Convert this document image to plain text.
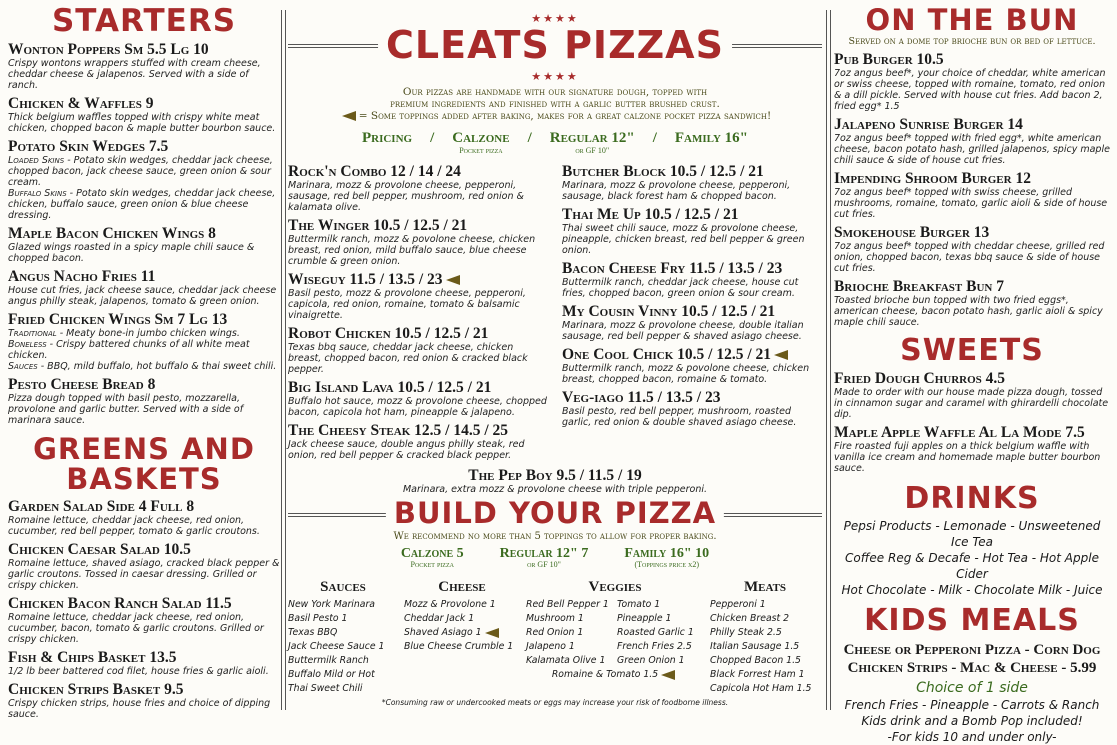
STARTERS
Wonton Poppers Sm 5.5 Lg 10
Crispy wontons wrappers stuffed with cream cheese, cheddar cheese & jalapenos. Served with a side of ranch.
Chicken & Waffles 9
Thick belgium waffles topped with crispy white meat chicken, chopped bacon & maple butter bourbon sauce.
Potato Skin Wedges 7.5
Loaded Skins - Potato skin wedges, cheddar jack cheese, chopped bacon, jack cheese sauce, green onion & sour cream.
Buffalo Skins - Potato skin wedges, cheddar jack cheese, chicken, buffalo sauce, green onion & blue cheese dressing.
Maple Bacon Chicken Wings 8
Glazed wings roasted in a spicy maple chili sauce & chopped bacon.
Angus Nacho Fries 11
House cut fries, jack cheese sauce, cheddar jack cheese angus philly steak, jalapenos, tomato & green onion.
Fried Chicken Wings Sm 7 Lg 13
Traditional - Meaty bone-in jumbo chicken wings.
Boneless - Crispy battered chunks of all white meat chicken.
Sauces - BBQ, mild buffalo, hot buffalo & thai sweet chili.
Pesto Cheese Bread 8
Pizza dough topped with basil pesto, mozzarella, provolone and garlic butter. Served with a side of marinara sauce.
GREENS AND
BASKETS
Garden Salad Side 4 Full 8
Romaine lettuce, cheddar jack cheese, red onion, cucumber, red bell pepper, tomato & garlic croutons.
Chicken Caesar Salad 10.5
Romaine lettuce, shaved asiago, cracked black pepper & garlic croutons. Tossed in caesar dressing. Grilled or crispy chicken.
Chicken Bacon Ranch Salad 11.5
Romaine lettuce, cheddar jack cheese, red onion, cucumber, bacon, tomato & garlic croutons. Grilled or crispy chicken.
Fish & Chips Basket 13.5
1/2 lb beer battered cod filet, house fries & garlic aioli.
Chicken Strips Basket 9.5
Crispy chicken strips, house fries and choice of dipping sauce.
★★★★
CLEATS PIZZAS
★★★★
Our pizzas are handmade with our signature dough, topped with
premium ingredients and finished with a garlic butter brushed crust.
= Some toppings added after baking, makes for a great calzone pocket pizza sandwich!
Pricing / Calzone

Pocket pizza
/ Regular 12"

or GF 10"
/ Family 16"
Rock'n Combo 12 / 14 / 24
Marinara, mozz & provolone cheese, pepperoni, sausage, red bell pepper, mushroom, red onion & kalamata olive.
The Winger 10.5 / 12.5 / 21
Buttermilk ranch, mozz & povolone cheese, chicken breast, red onion, mild buffalo sauce, blue cheese crumble & green onion.
Wiseguy 11.5 / 13.5 / 23
Basil pesto, mozz & provolone cheese, pepperoni, capicola, red onion, romaine, tomato & balsamic vinaigrette.
Robot Chicken 10.5 / 12.5 / 21
Texas bbq sauce, cheddar jack cheese, chicken breast, chopped bacon, red onion & cracked black pepper.
Big Island Lava 10.5 / 12.5 / 21
Buffalo hot sauce, mozz & provolone cheese, chopped bacon, capicola hot ham, pineapple & jalapeno.
The Cheesy Steak 12.5 / 14.5 / 25
Jack cheese sauce, double angus philly steak, red onion, red bell pepper & cracked black pepper.
Butcher Block 10.5 / 12.5 / 21
Marinara, mozz & provolone cheese, pepperoni, sausage, black forest ham & chopped bacon.
Thai Me Up 10.5 / 12.5 / 21
Thai sweet chili sauce, mozz & provolone cheese, pineapple, chicken breast, red bell pepper & green onion.
Bacon Cheese Fry 11.5 / 13.5 / 23
Buttermilk ranch, cheddar jack cheese, house cut fries, chopped bacon, green onion & sour cream.
My Cousin Vinny 10.5 / 12.5 / 21
Marinara, mozz & provolone cheese, double italian sausage, red bell pepper & shaved asiago cheese.
One Cool Chick 10.5 / 12.5 / 21
Buttermilk ranch, mozz & povolone cheese, chicken breast, chopped bacon, romaine & tomato.
Veg-iago 11.5 / 13.5 / 23
Basil pesto, red bell pepper, mushroom, roasted garlic, red onion & double shaved asiago cheese.
The Pep Boy 9.5 / 11.5 / 19
Marinara, extra mozz & provolone cheese with triple pepperoni.
BUILD YOUR PIZZA
We recommend no more than 5 toppings to allow for proper baking.
Calzone 5
Pocket pizza
Regular 12" 7
or GF 10"
Family 16" 10
(Toppings price x2)
Sauces
New York Marinara
Basil Pesto 1
Texas BBQ
Jack Cheese Sauce 1
Buttermilk Ranch
Buffalo Mild or Hot
Thai Sweet Chili
Cheese
Mozz & Provolone 1
Cheddar Jack 1
Shaved Asiago 1
Blue Cheese Crumble 1
Veggies
Red Bell Pepper 1
Mushroom 1
Red Onion 1
Jalapeno 1
Kalamata Olive 1
Tomato 1
Pineapple 1
Roasted Garlic 1
French Fries 2.5
Green Onion 1
Romaine & Tomato 1.5
Meats
Pepperoni 1
Chicken Breast 2
Philly Steak 2.5
Italian Sausage 1.5
Chopped Bacon 1.5
Black Forrest Ham 1
Capicola Hot Ham 1.5
*Consuming raw or undercooked meats or eggs may increase your risk of foodborne illness.
ON THE BUN
Served on a dome top brioche bun or bed of lettuce.
Pub Burger 10.5
7oz angus beef*, your choice of cheddar, white american or swiss cheese, topped with romaine, tomato, red onion & a dill pickle. Served with house cut fries. Add bacon 2, fried egg* 1.5
Jalapeno Sunrise Burger 14
7oz angus beef* topped with fried egg*, white american cheese, bacon potato hash, grilled jalapenos, spicy maple chili sauce & side of house cut fries.
Impending Shroom Burger 12
7oz angus beef* topped with swiss cheese, grilled mushrooms, romaine, tomato, garlic aioli & side of house cut fries.
Smokehouse Burger 13
7oz angus beef* topped with cheddar cheese, grilled red onion, chopped bacon, texas bbq sauce & side of house cut fries.
Brioche Breakfast Bun 7
Toasted brioche bun topped with two fried eggs*, american cheese, bacon potato hash, garlic aioli & spicy maple chili sauce.
SWEETS
Fried Dough Churros 4.5
Made to order with our house made pizza dough, tossed in cinnamon sugar and caramel with ghirardelli chocolate dip.
Maple Apple Waffle Al La Mode 7.5
Fire roasted fuji apples on a thick belgium waffle with vanilla ice cream and homemade maple butter bourbon sauce.
DRINKS
Pepsi Products - Lemonade - Unsweetened Ice Tea
Coffee Reg & Decafe - Hot Tea - Hot Apple Cider
Hot Chocolate - Milk - Chocolate Milk - Juice
KIDS MEALS
Cheese or Pepperoni Pizza - Corn Dog
Chicken Strips - Mac & Cheese - 5.99
Choice of 1 side
French Fries - Pineapple - Carrots & Ranch
Kids drink and a Bomb Pop included!
-For kids 10 and under only-
